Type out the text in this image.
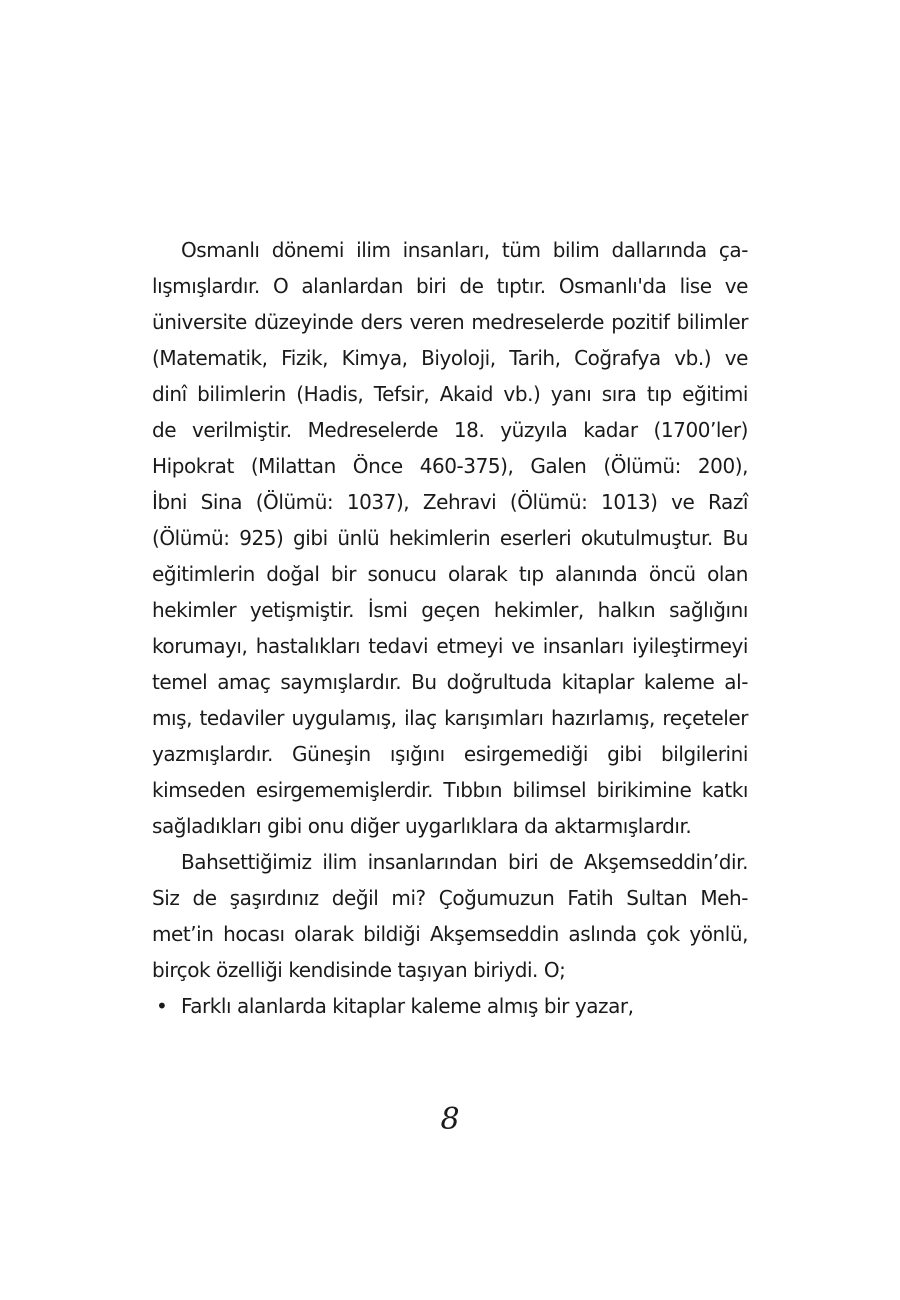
Osmanlı dönemi ilim insanları, tüm bilim dallarında ça-
lışmışlardır. O alanlardan biri de tıptır. Osmanlı'da lise ve
üniversite düzeyinde ders veren medreselerde pozitif bilimler
(Matematik, Fizik, Kimya, Biyoloji, Tarih, Coğrafya vb.) ve
dinî bilimlerin (Hadis, Tefsir, Akaid vb.) yanı sıra tıp eğitimi
de verilmiştir. Medreselerde 18. yüzyıla kadar (1700’ler)
Hipokrat (Milattan Önce 460-375), Galen (Ölümü: 200),
İbni Sina (Ölümü: 1037), Zehravi (Ölümü: 1013) ve Razî
(Ölümü: 925) gibi ünlü hekimlerin eserleri okutulmuştur. Bu
eğitimlerin doğal bir sonucu olarak tıp alanında öncü olan
hekimler yetişmiştir. İsmi geçen hekimler, halkın sağlığını
korumayı, hastalıkları tedavi etmeyi ve insanları iyileştirmeyi
temel amaç saymışlardır. Bu doğrultuda kitaplar kaleme al-
mış, tedaviler uygulamış, ilaç karışımları hazırlamış, reçeteler
yazmışlardır. Güneşin ışığını esirgemediği gibi bilgilerini
kimseden esirgememişlerdir. Tıbbın bilimsel birikimine katkı
sağladıkları gibi onu diğer uygarlıklara da aktarmışlardır.
Bahsettiğimiz ilim insanlarından biri de Akşemseddin’dir.
Siz de şaşırdınız değil mi? Çoğumuzun Fatih Sultan Meh-
met’in hocası olarak bildiği Akşemseddin aslında çok yönlü,
birçok özelliği kendisinde taşıyan biriydi. O;
• Farklı alanlarda kitaplar kaleme almış bir yazar,
8
